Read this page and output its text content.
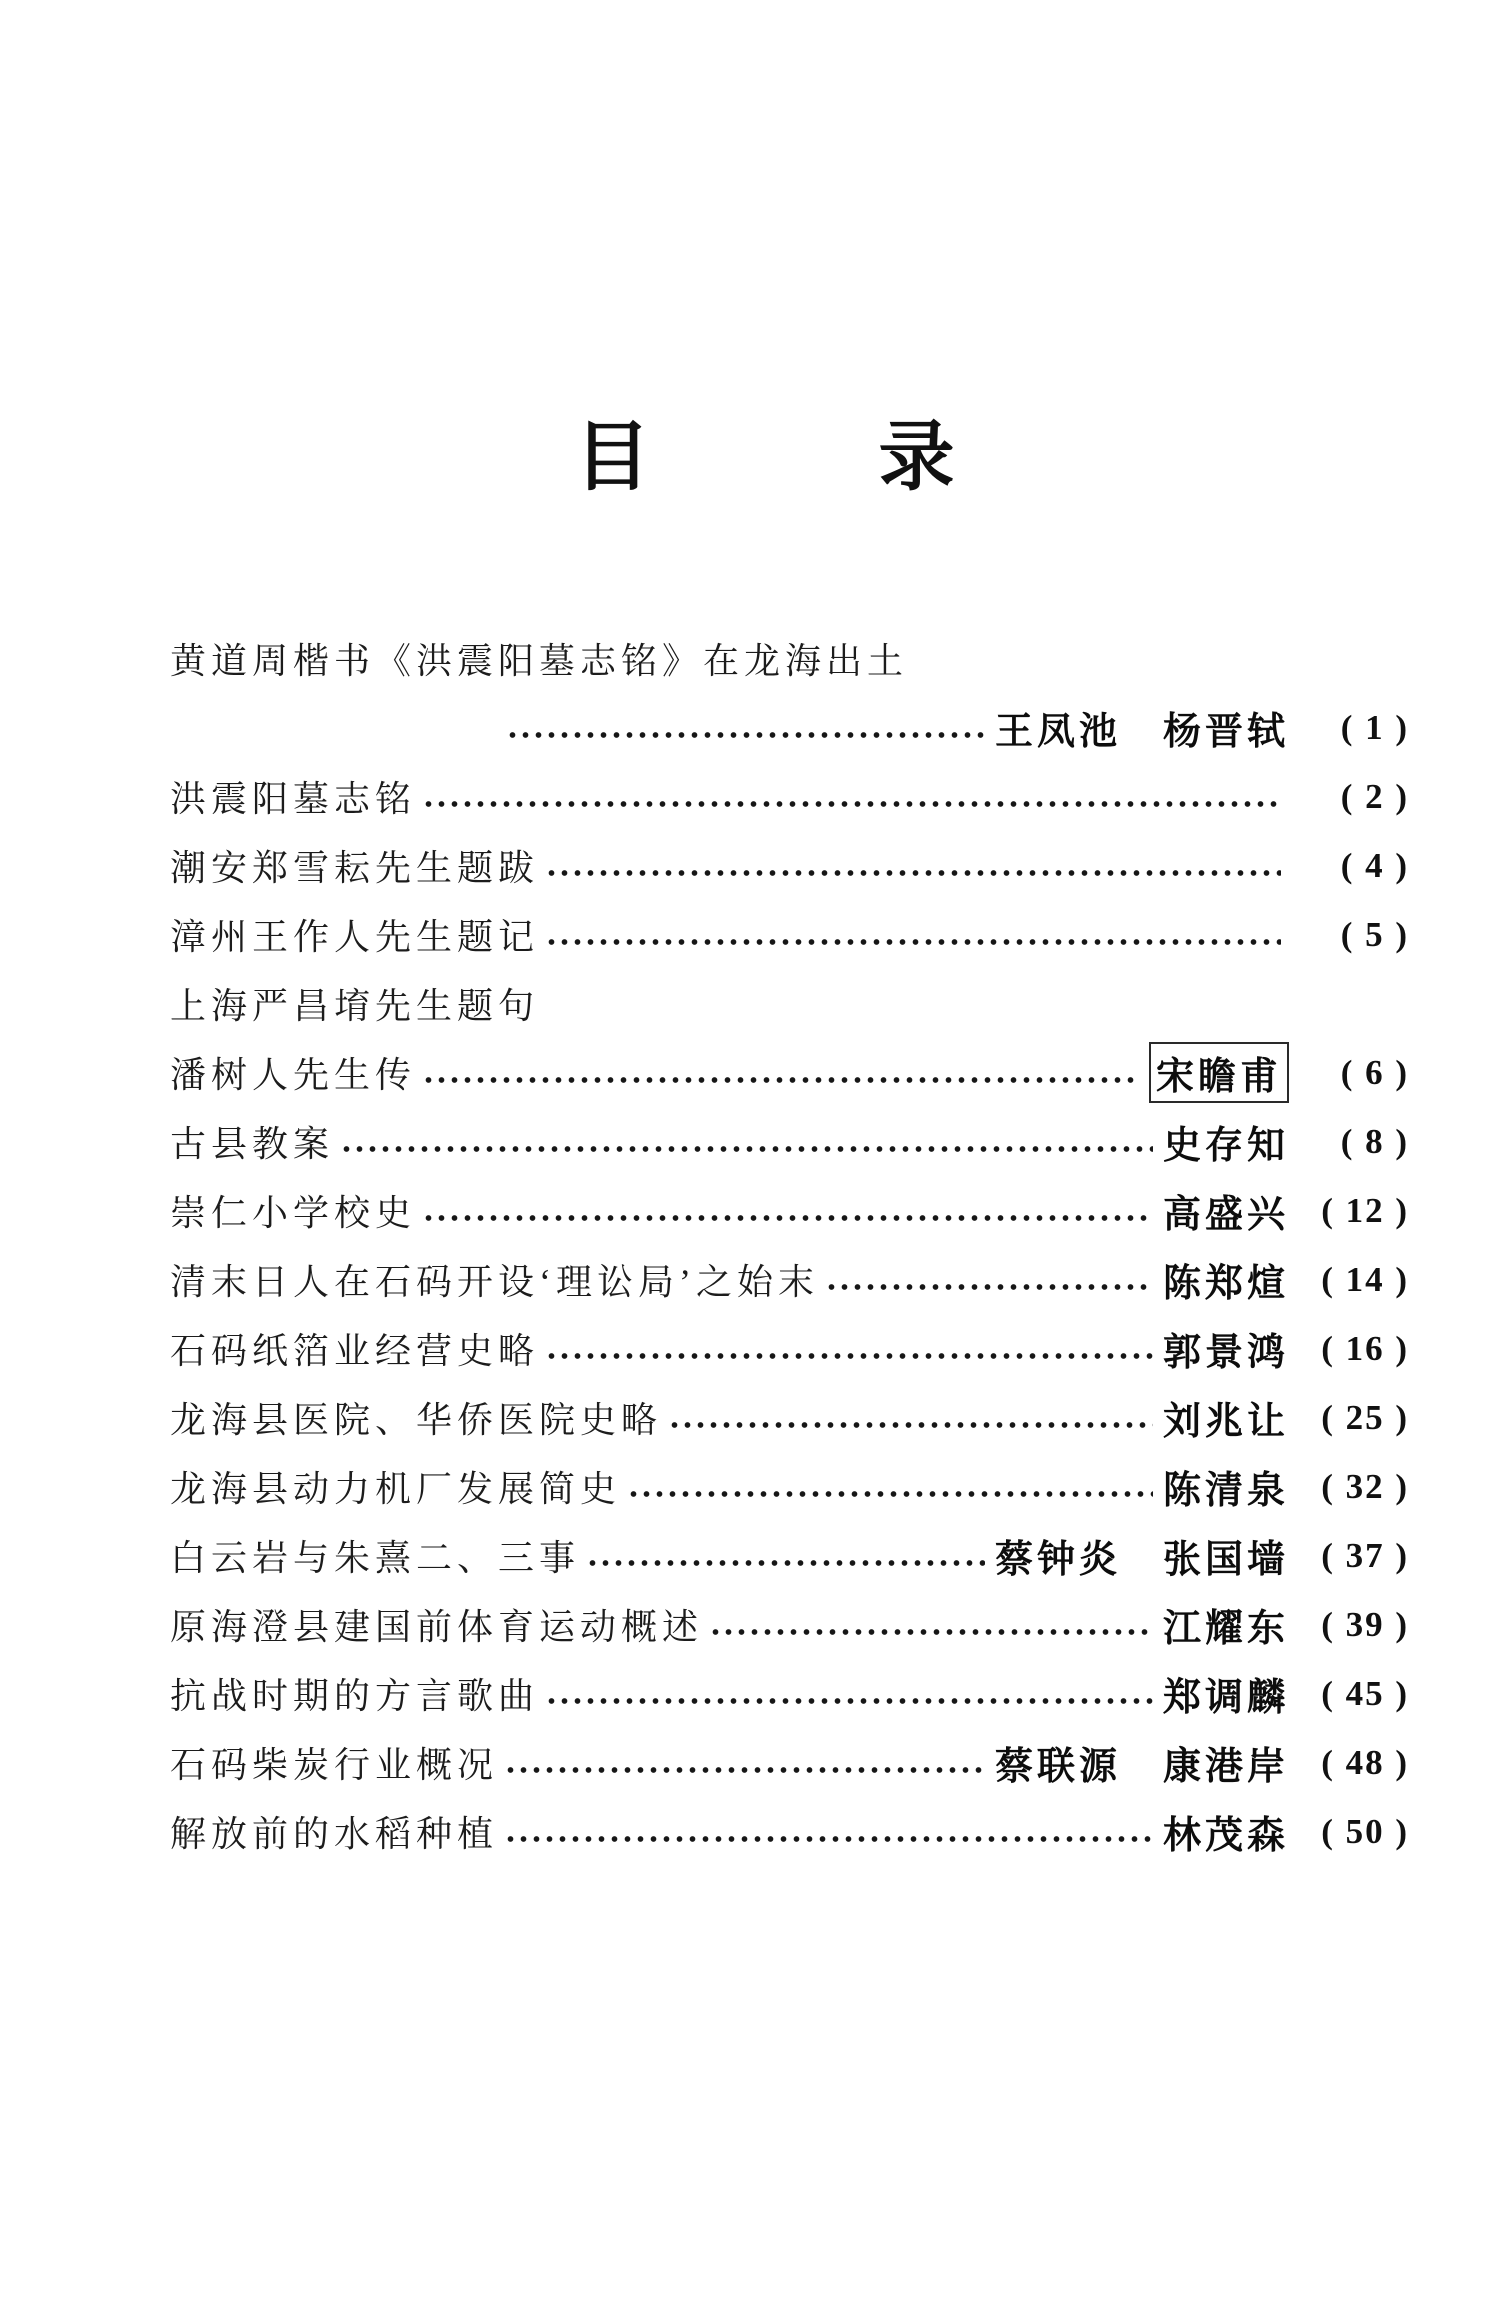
目　　　录
黄道周楷书《洪震阳墓志铭》在龙海出土
王凤池　杨晋轼	( 1 )
洪震阳墓志铭	( 2 )
潮安郑雪耘先生题跋	( 4 )
漳州王作人先生题记	( 5 )
上海严昌堉先生题句
潘树人先生传	宋瞻甫	( 6 )
古县教案	史存知	( 8 )
崇仁小学校史	高盛兴 ( 12 )
清末日人在石码开设‘理讼局’之始末	陈郑煊 ( 14 )
石码纸箔业经营史略	郭景鸿 ( 16 )
龙海县医院、华侨医院史略	刘兆让 ( 25 )
龙海县动力机厂发展简史	陈清泉 ( 32 )
白云岩与朱熹二、三事	蔡钟炎　张国墙 ( 37 )
原海澄县建国前体育运动概述	江耀东 ( 39 )
抗战时期的方言歌曲	郑调麟 ( 45 )
石码柴炭行业概况	蔡联源　康港岸 ( 48 )
解放前的水稻种植	林茂森 ( 50 )
